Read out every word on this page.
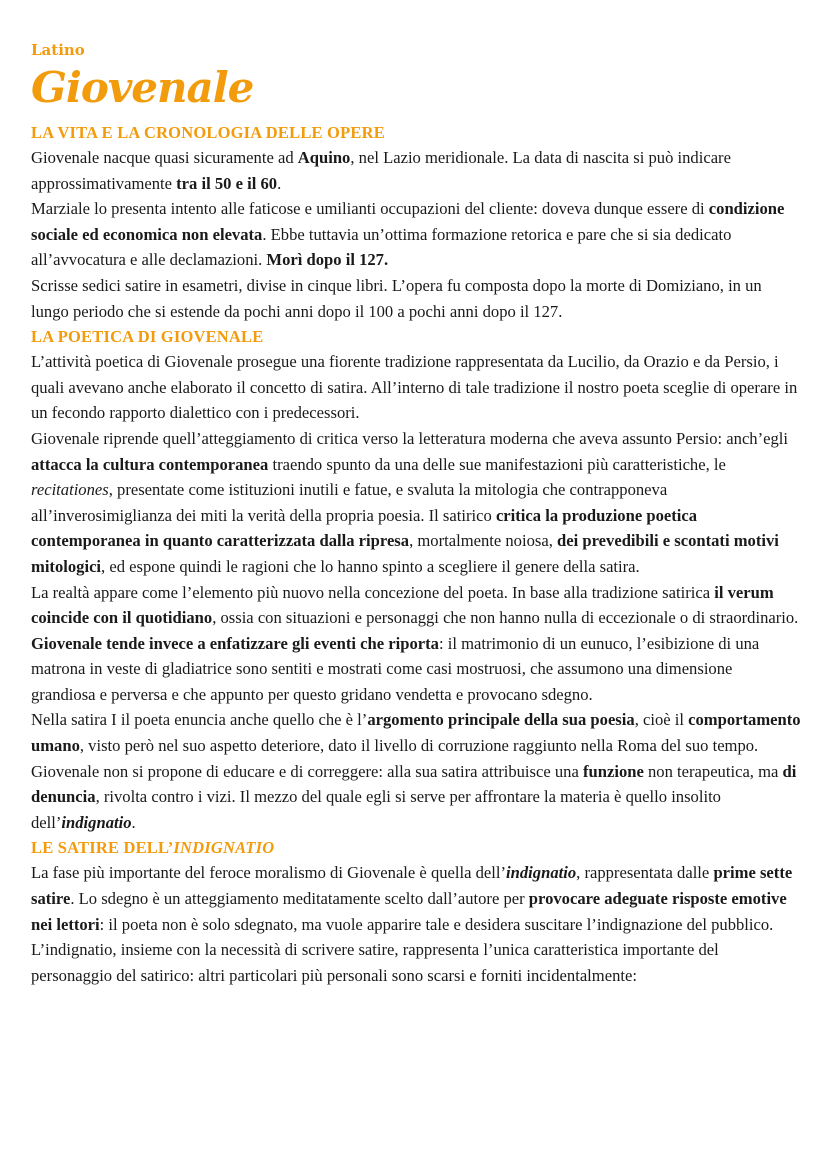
Latino
Giovenale
LA VITA E LA CRONOLOGIA DELLE OPERE

Giovenale nacque quasi sicuramente ad Aquino, nel Lazio meridionale. La data di nascita si può indicare approssimativamente tra il 50 e il 60.

Marziale lo presenta intento alle faticose e umilianti occupazioni del cliente: doveva dunque essere di condizione sociale ed economica non elevata. Ebbe tuttavia un’ottima formazione retorica e pare che si sia dedicato all’avvocatura e alle declamazioni. Morì dopo il 127.

Scrisse sedici satire in esametri, divise in cinque libri. L’opera fu composta dopo la morte di Domiziano, in un lungo periodo che si estende da pochi anni dopo il 100 a pochi anni dopo il 127.

LA POETICA DI GIOVENALE

L’attività poetica di Giovenale prosegue una fiorente tradizione rappresentata da Lucilio, da Orazio e da Persio, i quali avevano anche elaborato il concetto di satira. All’interno di tale tradizione il nostro poeta sceglie di operare in un fecondo rapporto dialettico con i predecessori.

Giovenale riprende quell’atteggiamento di critica verso la letteratura moderna che aveva assunto Persio: anch’egli attacca la cultura contemporanea traendo spunto da una delle sue manifestazioni più caratteristiche, le recitationes, presentate come istituzioni inutili e fatue, e svaluta la mitologia che contrapponeva all’inverosimiglianza dei miti la verità della propria poesia. Il satirico critica la produzione poetica contemporanea in quanto caratterizzata dalla ripresa, mortalmente noiosa, dei prevedibili e scontati motivi mitologici, ed espone quindi le ragioni che lo hanno spinto a scegliere il genere della satira.

La realtà appare come l’elemento più nuovo nella concezione del poeta. In base alla tradizione satirica il verum coincide con il quotidiano, ossia con situazioni e personaggi che non hanno nulla di eccezionale o di straordinario.

Giovenale tende invece a enfatizzare gli eventi che riporta: il matrimonio di un eunuco, l’esibizione di una matrona in veste di gladiatrice sono sentiti e mostrati come casi mostruosi, che assumono una dimensione grandiosa e perversa e che appunto per questo gridano vendetta e provocano sdegno.

Nella satira I il poeta enuncia anche quello che è l’argomento principale della sua poesia, cioè il comportamento umano, visto però nel suo aspetto deteriore, dato il livello di corruzione raggiunto nella Roma del suo tempo.

Giovenale non si propone di educare e di correggere: alla sua satira attribuisce una funzione non terapeutica, ma di denuncia, rivolta contro i vizi. Il mezzo del quale egli si serve per affrontare la materia è quello insolito dell’indignatio.

LE SATIRE DELL’INDIGNATIO

La fase più importante del feroce moralismo di Giovenale è quella dell’indignatio, rappresentata dalle prime sette satire. Lo sdegno è un atteggiamento meditatamente scelto dall’autore per provocare adeguate risposte emotive nei lettori: il poeta non è solo sdegnato, ma vuole apparire tale e desidera suscitare l’indignazione del pubblico.

L’indignatio, insieme con la necessità di scrivere satire, rappresenta l’unica caratteristica importante del personaggio del satirico: altri particolari più personali sono scarsi e forniti incidentalmente:
